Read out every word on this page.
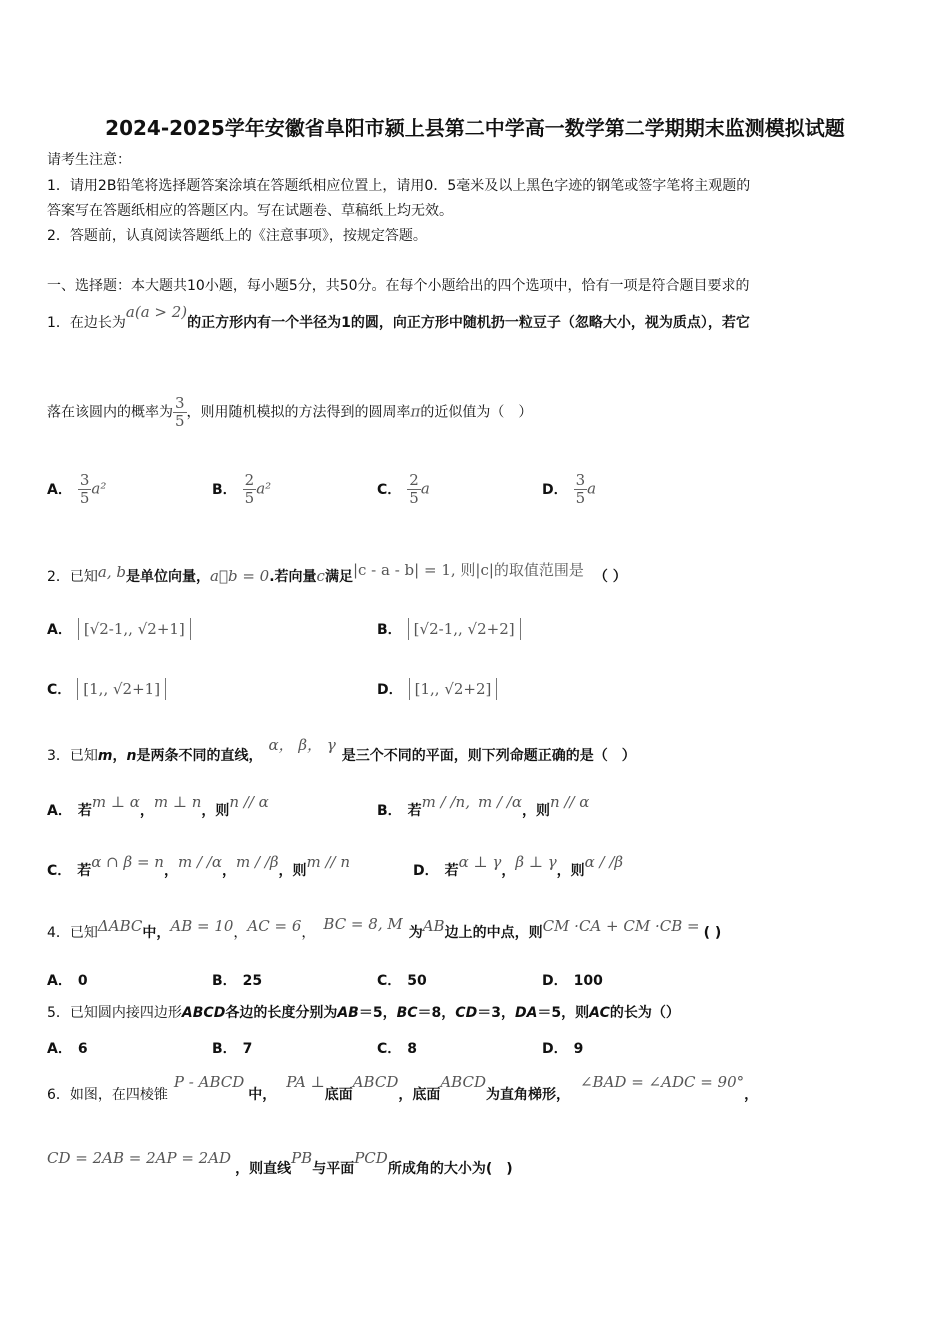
2024-2025学年安徽省阜阳市颍上县第二中学高一数学第二学期期末监测模拟试题
请考生注意：
1．请用2B铅笔将选择题答案涂填在答题纸相应位置上，请用0．5毫米及以上黑色字迹的钢笔或签字笔将主观题的
答案写在答题纸相应的答题区内。写在试题卷、草稿纸上均无效。
2．答题前，认真阅读答题纸上的《注意事项》，按规定答题。
一、选择题：本大题共10小题，每小题5分，共50分。在每个小题给出的四个选项中，恰有一项是符合题目要求的
1．在边长为a(a > 2)的正方形内有一个半径为1的圆，向正方形中随机扔一粒豆子（忽略大小，视为质点），若它
落在该圆内的概率为 $\frac{3}{5}$ ，则用随机模拟的方法得到的圆周率π的近似值为（　）
A． $\frac{3}{5} a^2$	B． $\frac{2}{5} a^2$	C． $\frac{2}{5}$ a	D． $\frac{3}{5}$ a
2．已知a, b是单位向量，a⃞b = 0.若向量c满足|c - a - b| = 1, 则|c|的取值范围是 （ ）
A． [√2-1,, √2+1]	B． [√2-1,, √2+2]
C． [1,, √2+1]	D． [1,, √2+2]
3．已知m，n是两条不同的直线，α， β， γ是三个不同的平面，则下列命题正确的是（　）
A． 若m ⊥ α，m ⊥ n，则n // α	B． 若m / /n, m / /α，则n // α
C． 若α ∩ β = n，m / /α，m / /β，则m // n	D． 若α ⊥ γ，β ⊥ γ，则α / /β
4．已知ΔABC中，AB = 10，AC = 6， BC = 8, M 为AB边上的中点，则CM ·CA + CM ·CB = ( )
A． 0	B． 25	C． 50	D． 100
5．已知圆内接四边形ABCD各边的长度分别为AB＝5，BC＝8，CD＝3，DA＝5，则AC的长为（）
A． 6	B． 7	C． 8	D． 9
6．如图，在四棱锥P - ABCD中，PA ⊥底面ABCD，底面ABCD为直角梯形，∠BAD = ∠ADC = 90°，
CD = 2AB = 2AP = 2AD，则直线PB与平面PCD所成角的大小为(　)
